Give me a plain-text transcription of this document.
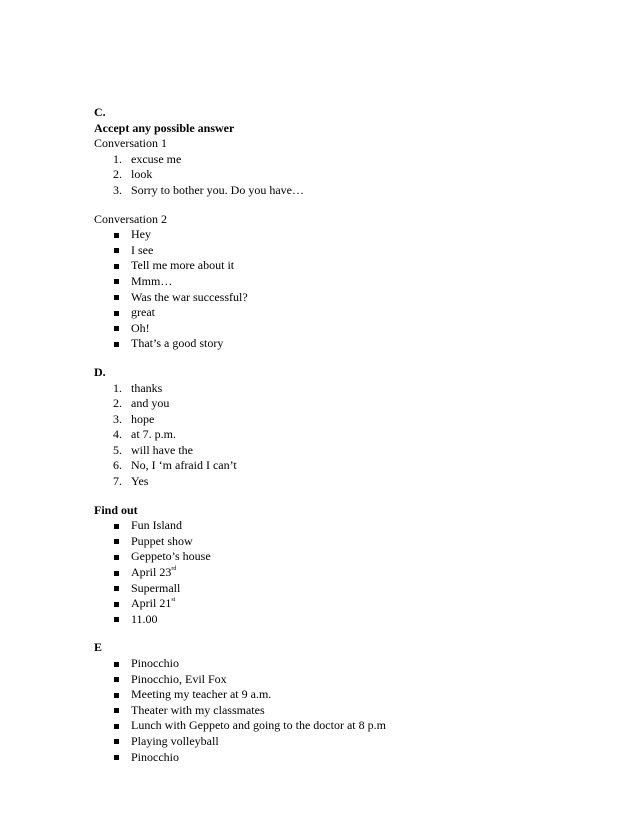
C.
Accept any possible answer
Conversation 1
1. excuse me
2. look
3. Sorry to bother you. Do you have…
Conversation 2
Hey
I see
Tell me more about it
Mmm…
Was the war successful?
great
Oh!
That’s a good story
D.
1. thanks
2. and you
3. hope
4. at 7. p.m.
5. will have the
6. No, I ‘m afraid I can’t
7. Yes
Find out
Fun Island
Puppet show
Geppeto’s house
April 23rd
Supermall
April 21st
11.00
E
Pinocchio
Pinocchio, Evil Fox
Meeting my teacher at 9 a.m.
Theater with my classmates
Lunch with Geppeto and going to the doctor at 8 p.m
Playing volleyball
Pinocchio
